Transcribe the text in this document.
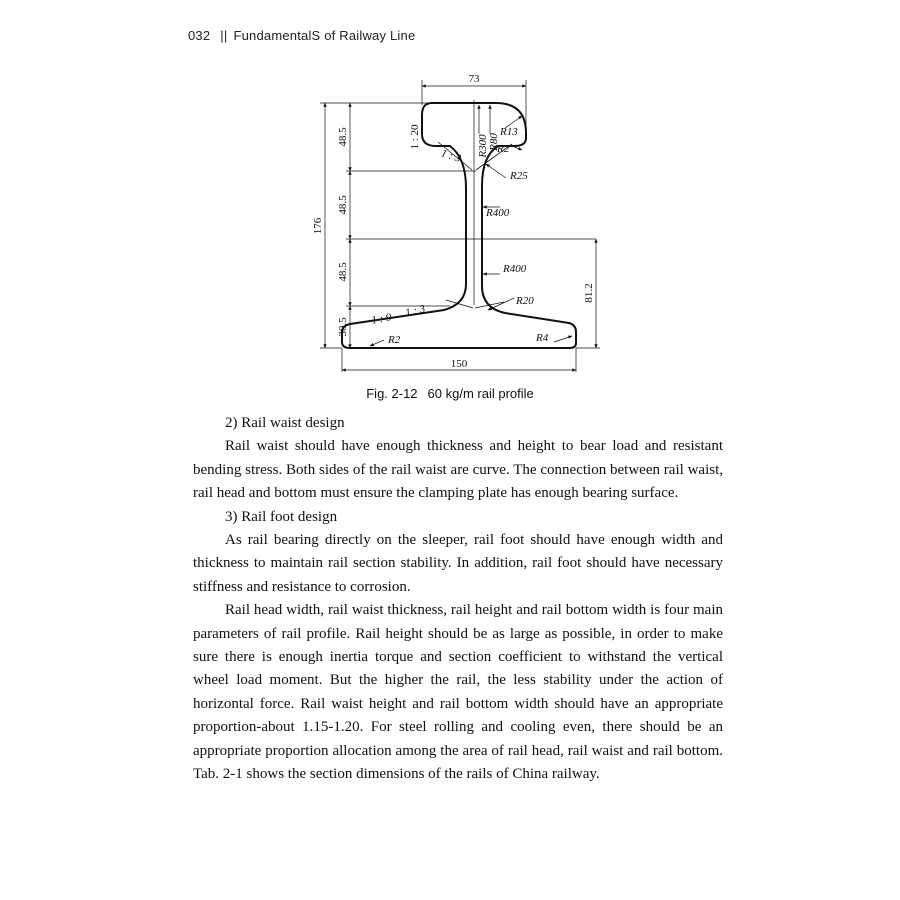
032 || FundamentalS of Railway Line
73
176
48.5
48.5
48.5
30.5
81.2
150
1 : 20
1 : 3 R300 R80
R13
R2
R25
R400
R400
R20
1 : 9 1 : 3
R2	R4
Fig. 2-12 60 kg/m rail profile

2) Rail waist design

Rail waist should have enough thickness and height to bear load and resistant bending stress. Both sides of the rail waist are curve. The connection between rail waist, rail head and bottom must ensure the clamping plate has enough bearing surface.

3) Rail foot design

As rail bearing directly on the sleeper, rail foot should have enough width and thickness to maintain rail section stability. In addition, rail foot should have necessary stiffness and resistance to corrosion.

Rail head width, rail waist thickness, rail height and rail bottom width is four main parameters of rail profile. Rail height should be as large as possible, in order to make sure there is enough inertia torque and section coefficient to withstand the vertical wheel load moment. But the higher the rail, the less stability under the action of horizontal force. Rail waist height and rail bottom width should have an appropriate proportion-about 1.15-1.20. For steel rolling and cooling even, there should be an appropriate proportion allocation among the area of rail head, rail waist and rail bottom. Tab. 2-1 shows the section dimensions of the rails of China railway.
